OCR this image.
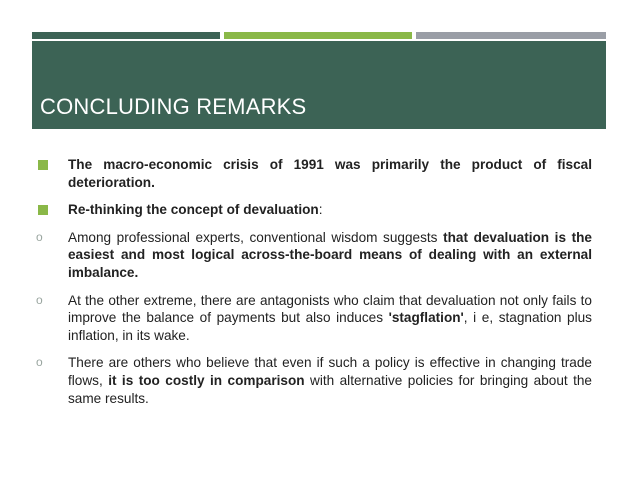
CONCLUDING REMARKS
The macro-economic crisis of 1991 was primarily the product of fiscal deterioration.
Re-thinking the concept of devaluation:
o Among professional experts, conventional wisdom suggests that devaluation is the easiest and most logical across-the-board means of dealing with an external imbalance.
o At the other extreme, there are antagonists who claim that devaluation not only fails to improve the balance of payments but also induces 'stagflation', i e, stagnation plus inflation, in its wake.
o There are others who believe that even if such a policy is effective in changing trade flows, it is too costly in comparison with alternative policies for bringing about the same results.
